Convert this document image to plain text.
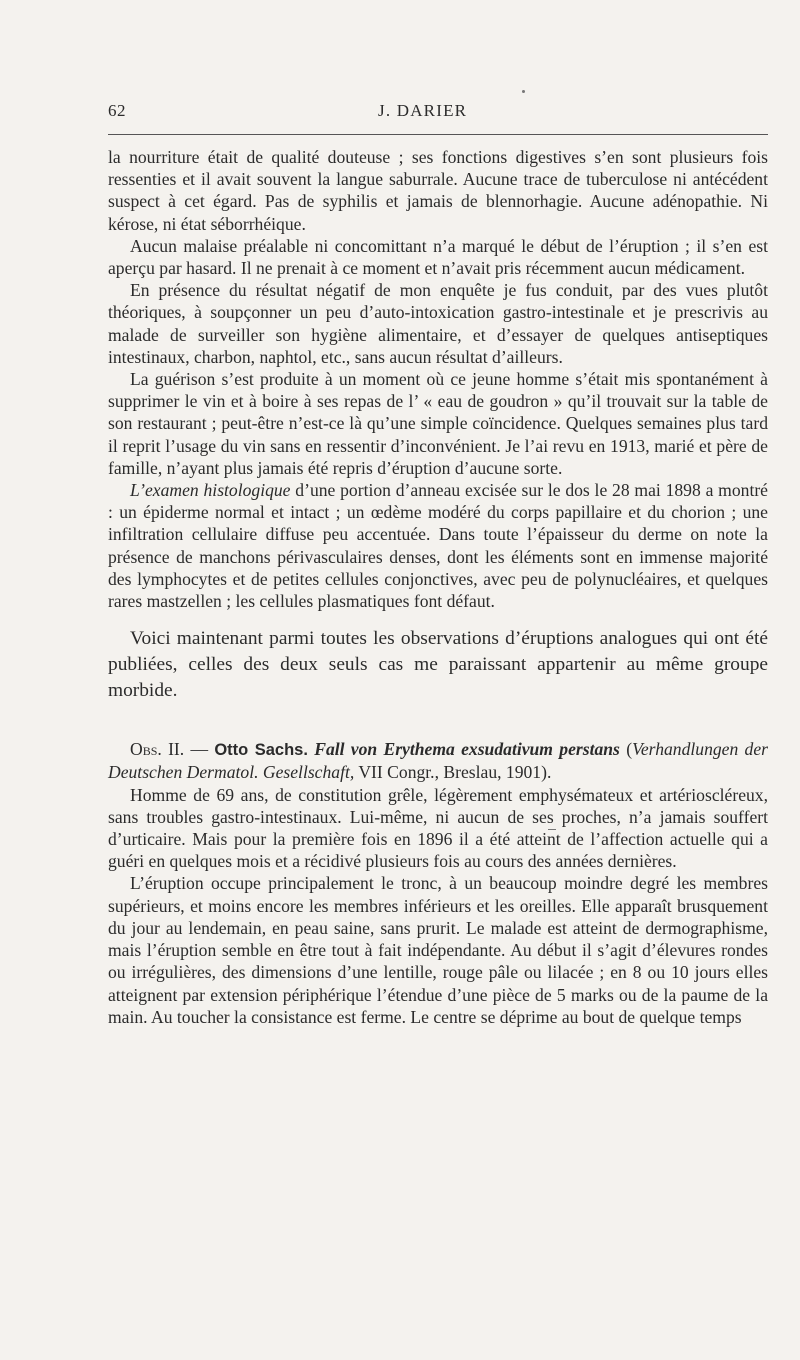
62	J. DARIER

la nourriture était de qualité douteuse ; ses fonctions digestives s’en sont plusieurs fois ressenties et il avait souvent la langue saburrale. Aucune trace de tuberculose ni antécédent suspect à cet égard. Pas de syphilis et jamais de blennorhagie. Aucune adénopathie. Ni kérose, ni état séborrhéique.

Aucun malaise préalable ni concomittant n’a marqué le début de l’éruption ; il s’en est aperçu par hasard. Il ne prenait à ce moment et n’avait pris récemment aucun médicament.

En présence du résultat négatif de mon enquête je fus conduit, par des vues plutôt théoriques, à soupçonner un peu d’auto-intoxication gastro-intestinale et je prescrivis au malade de surveiller son hygiène alimentaire, et d’essayer de quelques antiseptiques intestinaux, charbon, naphtol, etc., sans aucun résultat d’ailleurs.

La guérison s’est produite à un moment où ce jeune homme s’était mis spontanément à supprimer le vin et à boire à ses repas de l’ « eau de goudron » qu’il trouvait sur la table de son restaurant ; peut-être n’est-ce là qu’une simple coïncidence. Quelques semaines plus tard il reprit l’usage du vin sans en ressentir d’inconvénient. Je l’ai revu en 1913, marié et père de famille, n’ayant plus jamais été repris d’éruption d’aucune sorte.

L’examen histologique d’une portion d’anneau excisée sur le dos le 28 mai 1898 a montré : un épiderme normal et intact ; un œdème modéré du corps papillaire et du chorion ; une infiltration cellulaire diffuse peu accentuée. Dans toute l’épaisseur du derme on note la présence de manchons périvasculaires denses, dont les éléments sont en immense majorité des lymphocytes et de petites cellules conjonctives, avec peu de polynucléaires, et quelques rares mastzellen ; les cellules plasmatiques font défaut.

Voici maintenant parmi toutes les observations d’éruptions analogues qui ont été publiées, celles des deux seuls cas me paraissant appartenir au même groupe morbide.

Obs. II. — Otto Sachs. Fall von Erythema exsudativum perstans (Verhandlungen der Deutschen Dermatol. Gesellschaft, VII Congr., Breslau, 1901).

Homme de 69 ans, de constitution grêle, légèrement emphysémateux et artérioscléreux, sans troubles gastro-intestinaux. Lui-même, ni aucun de ses proches, n’a jamais souffert d’urticaire. Mais pour la première fois en 1896 il a été atteint de l’affection actuelle qui a guéri en quelques mois et a récidivé plusieurs fois au cours des années dernières.

L’éruption occupe principalement le tronc, à un beaucoup moindre degré les membres supérieurs, et moins encore les membres inférieurs et les oreilles. Elle apparaît brusquement du jour au lendemain, en peau saine, sans prurit. Le malade est atteint de dermographisme, mais l’éruption semble en être tout à fait indépendante. Au début il s’agit d’élevures rondes ou irrégulières, des dimensions d’une lentille, rouge pâle ou lilacée ; en 8 ou 10 jours elles atteignent par extension périphérique l’étendue d’une pièce de 5 marks ou de la paume de la main. Au toucher la consistance est ferme. Le centre se déprime au bout de quelque temps
